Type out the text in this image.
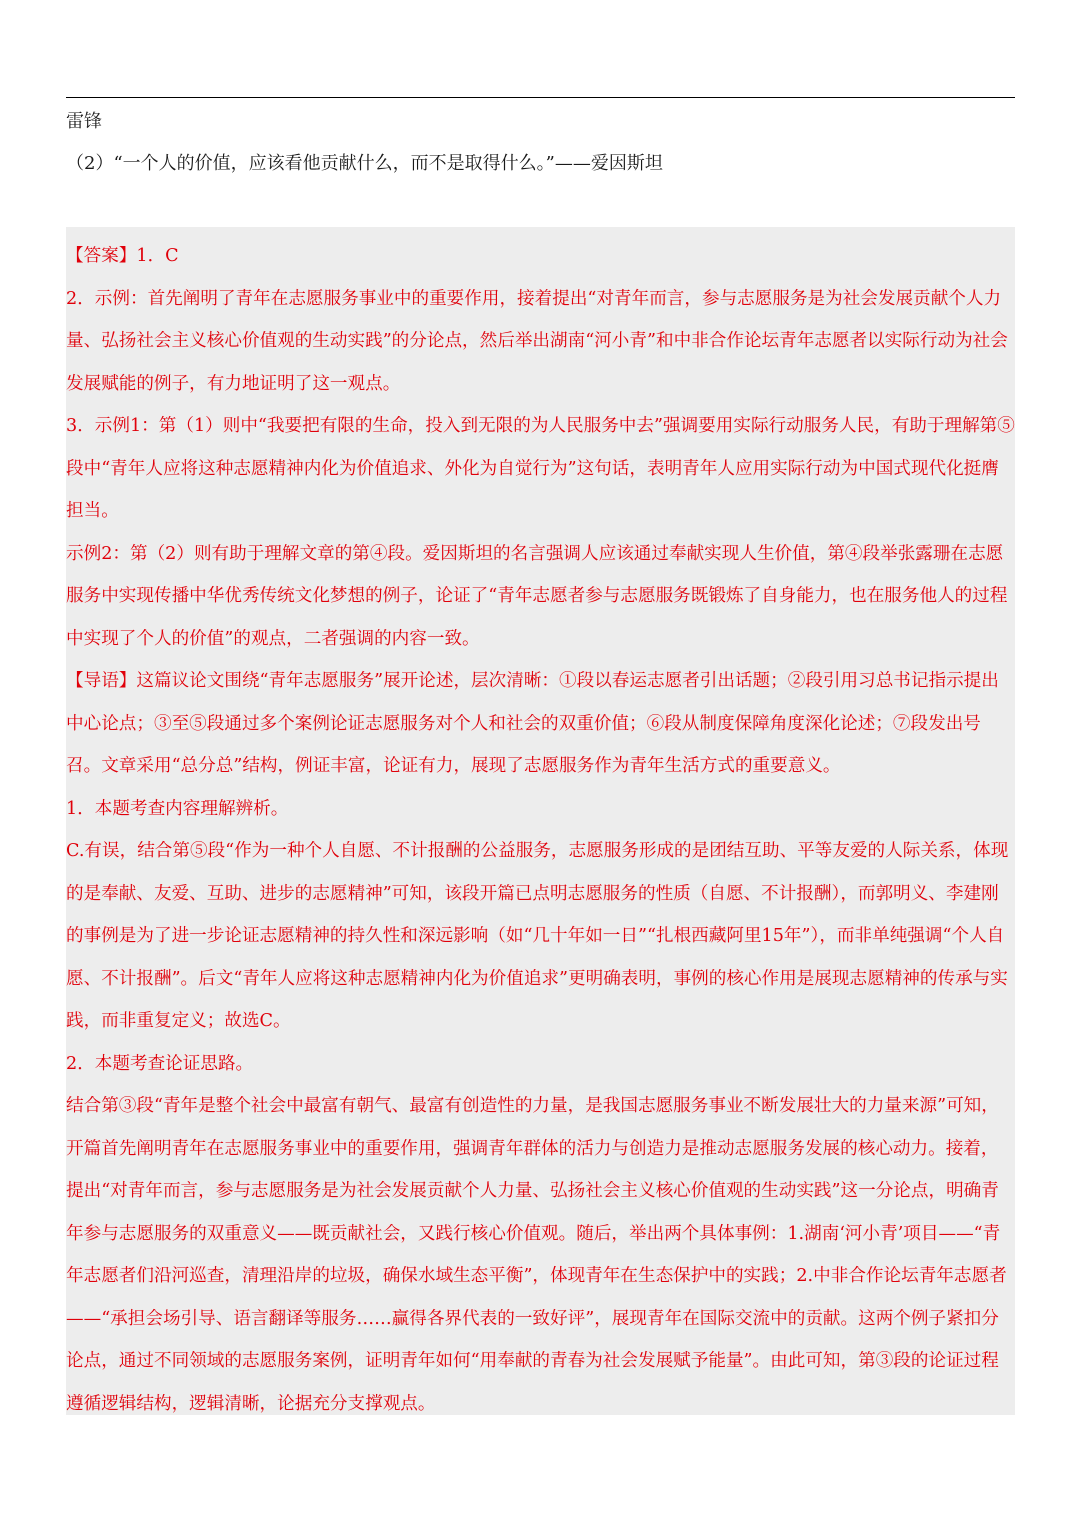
雷锋
（2）“一个人的价值，应该看他贡献什么，而不是取得什么。”——爱因斯坦

【答案】1．C

2．示例：首先阐明了青年在志愿服务事业中的重要作用，接着提出“对青年而言，参与志愿服务是为社会发展贡献个人力量、弘扬社会主义核心价值观的生动实践”的分论点，然后举出湖南“河小青”和中非合作论坛青年志愿者以实际行动为社会发展赋能的例子，有力地证明了这一观点。

3．示例1：第（1）则中“我要把有限的生命，投入到无限的为人民服务中去”强调要用实际行动服务人民，有助于理解第⑤段中“青年人应将这种志愿精神内化为价值追求、外化为自觉行为”这句话，表明青年人应用实际行动为中国式现代化挺膺担当。

示例2：第（2）则有助于理解文章的第④段。爱因斯坦的名言强调人应该通过奉献实现人生价值，第④段举张露珊在志愿服务中实现传播中华优秀传统文化梦想的例子，论证了“青年志愿者参与志愿服务既锻炼了自身能力，也在服务他人的过程中实现了个人的价值”的观点，二者强调的内容一致。

【导语】这篇议论文围绕“青年志愿服务”展开论述，层次清晰：①段以春运志愿者引出话题；②段引用习总书记指示提出中心论点；③至⑤段通过多个案例论证志愿服务对个人和社会的双重价值；⑥段从制度保障角度深化论述；⑦段发出号召。文章采用“总分总”结构，例证丰富，论证有力，展现了志愿服务作为青年生活方式的重要意义。

1．本题考查内容理解辨析。

C.有误，结合第⑤段“作为一种个人自愿、不计报酬的公益服务，志愿服务形成的是团结互助、平等友爱的人际关系，体现的是奉献、友爱、互助、进步的志愿精神”可知，该段开篇已点明志愿服务的性质（自愿、不计报酬），而郭明义、李建刚的事例是为了进一步论证志愿精神的持久性和深远影响（如“几十年如一日”“扎根西藏阿里15年”），而非单纯强调“个人自愿、不计报酬”。后文“青年人应将这种志愿精神内化为价值追求”更明确表明，事例的核心作用是展现志愿精神的传承与实践，而非重复定义；故选C。

2．本题考查论证思路。

结合第③段“青年是整个社会中最富有朝气、最富有创造性的力量，是我国志愿服务事业不断发展壮大的力量来源”可知，开篇首先阐明青年在志愿服务事业中的重要作用，强调青年群体的活力与创造力是推动志愿服务发展的核心动力。接着，提出“对青年而言，参与志愿服务是为社会发展贡献个人力量、弘扬社会主义核心价值观的生动实践”这一分论点，明确青年参与志愿服务的双重意义——既贡献社会，又践行核心价值观。随后，举出两个具体事例：1.湖南‘河小青’项目——“青年志愿者们沿河巡查，清理沿岸的垃圾，确保水域生态平衡”，体现青年在生态保护中的实践；2.中非合作论坛青年志愿者——“承担会场引导、语言翻译等服务……赢得各界代表的一致好评”，展现青年在国际交流中的贡献。这两个例子紧扣分论点，通过不同领域的志愿服务案例，证明青年如何“用奉献的青春为社会发展赋予能量”。由此可知，第③段的论证过程遵循逻辑结构，逻辑清晰，论据充分支撑观点。
